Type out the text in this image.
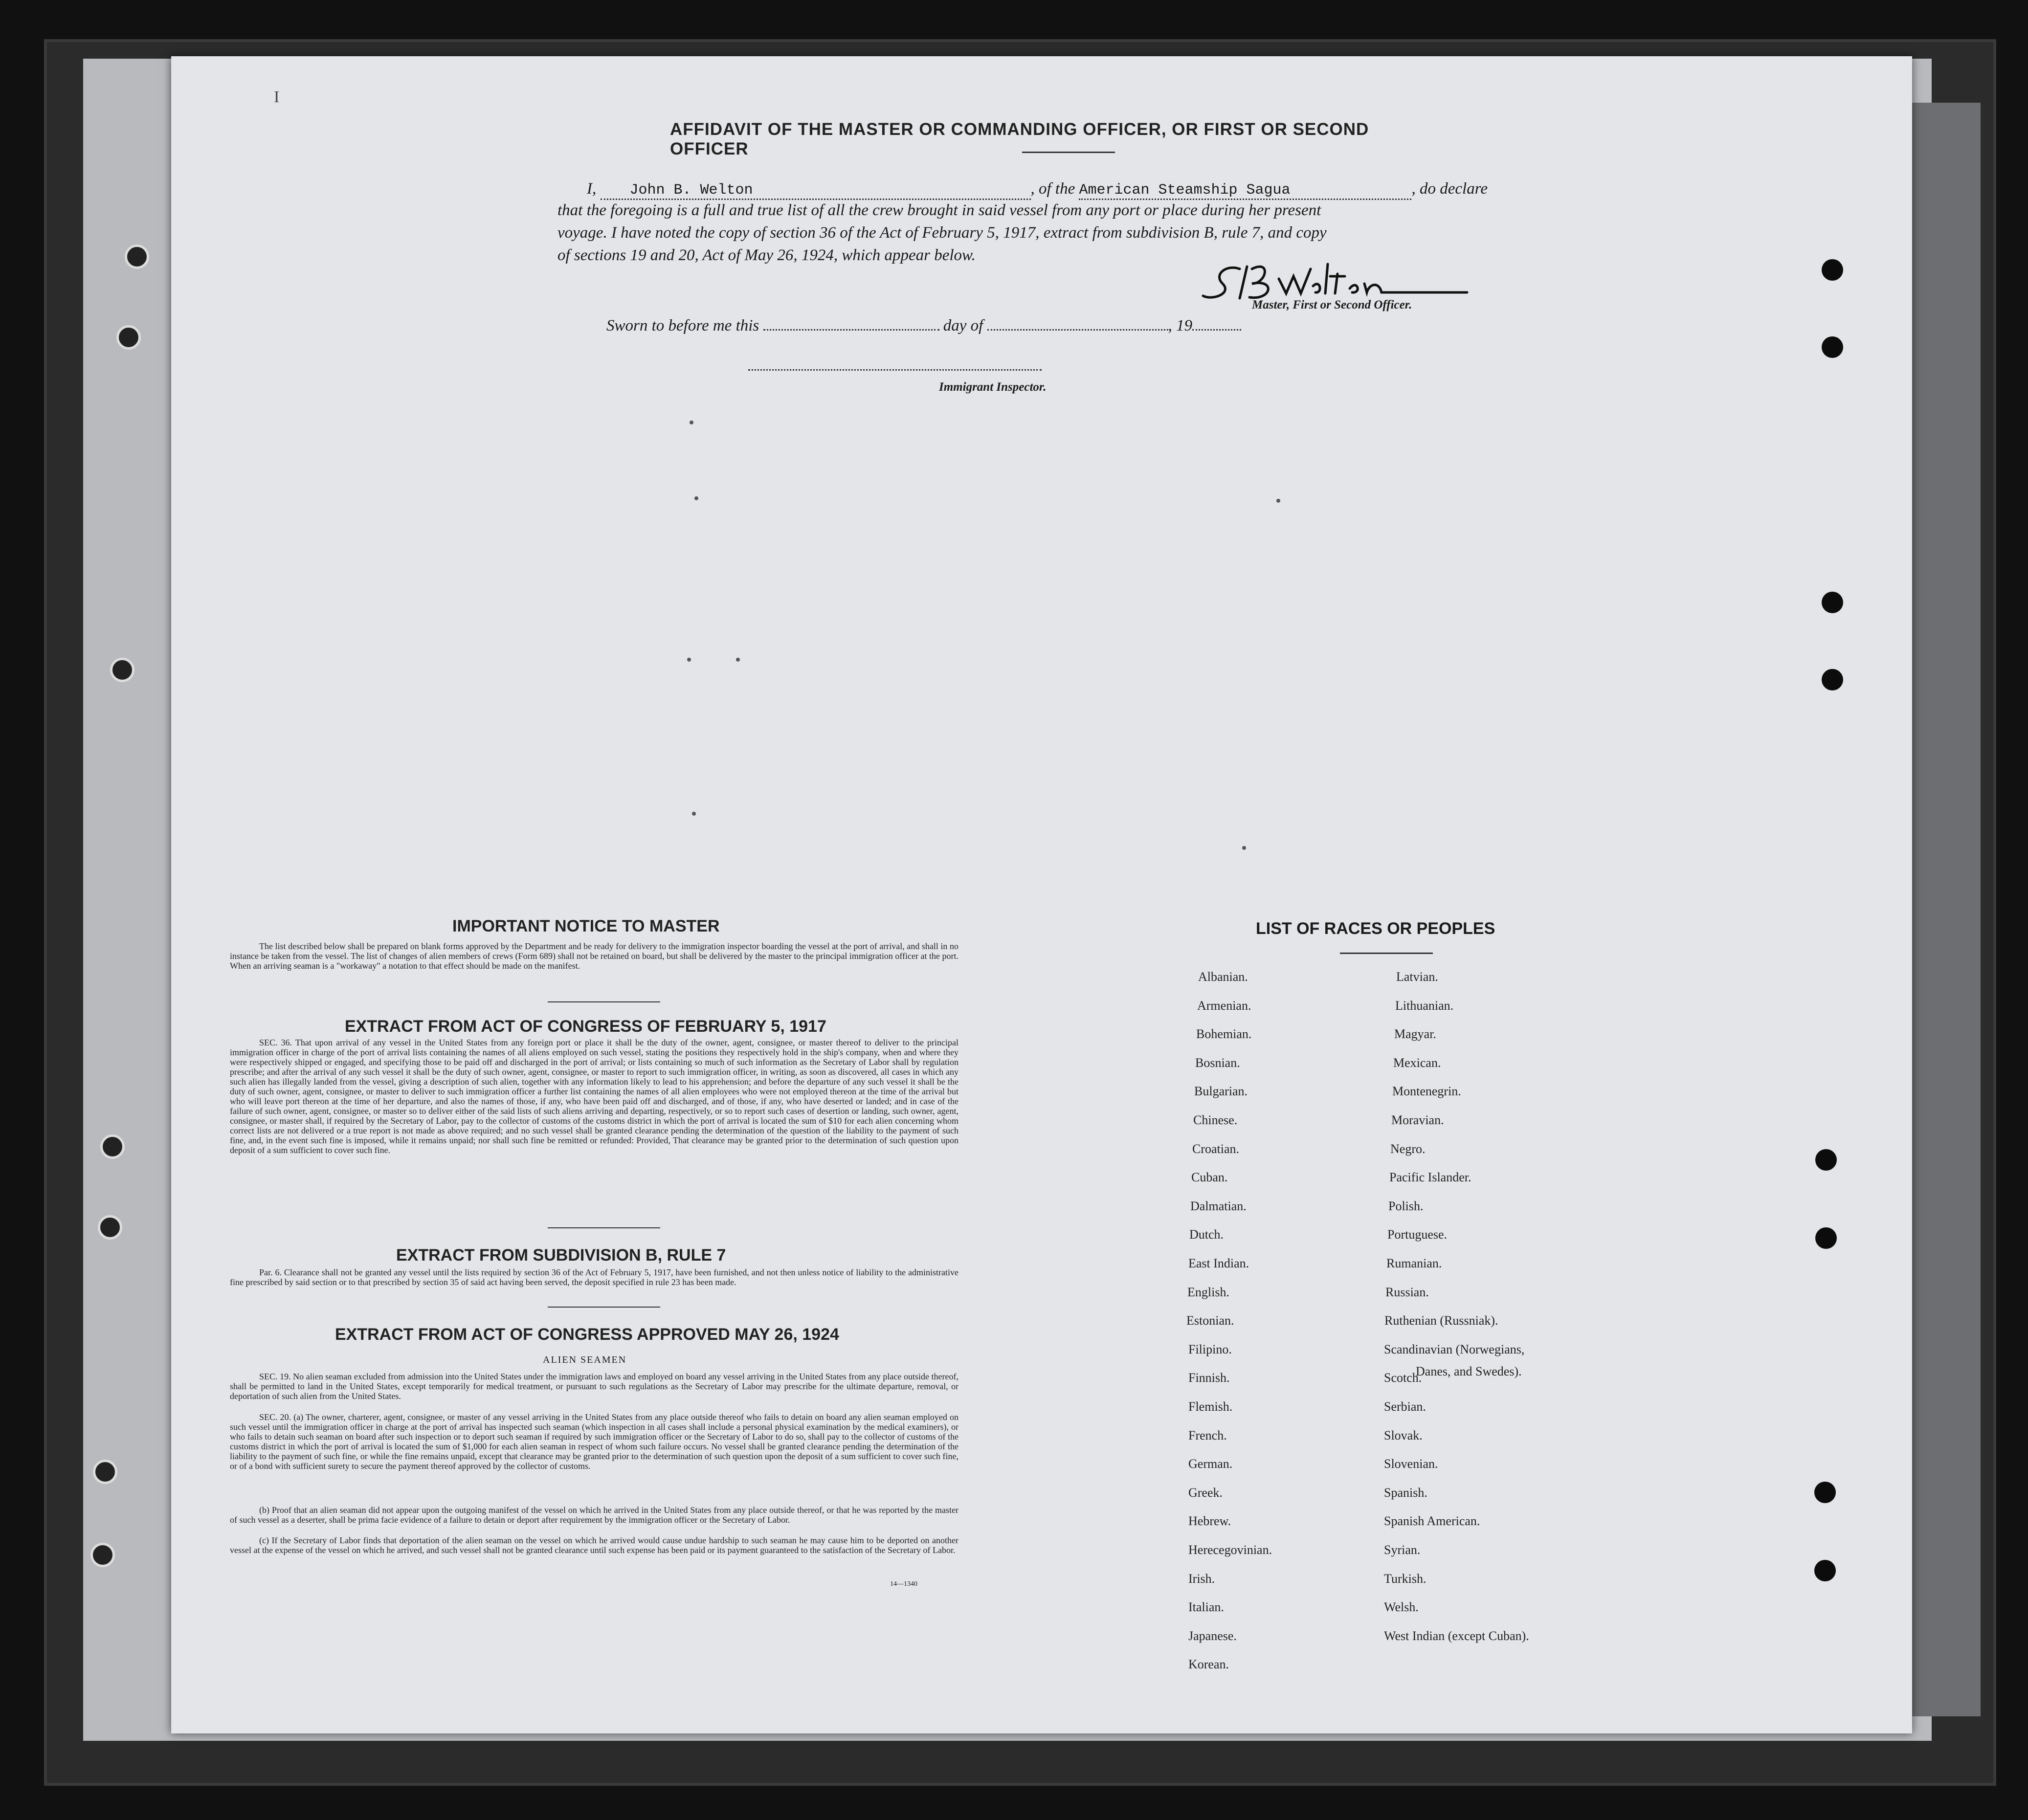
I
AFFIDAVIT OF THE MASTER OR COMMANDING OFFICER, OR FIRST OR SECOND OFFICER
I, John B. Welton	, of the American Steamship Sagua	, do declare
that the foregoing is a full and true list of all the crew brought in said vessel from any port or place during her present
voyage. I have noted the copy of section 36 of the Act of February 5, 1917, extract from subdivision B, rule 7, and copy
of sections 19 and 20, Act of May 26, 1924, which appear below.
Master, First or Second Officer.
Sworn to before me this	day of	, 19
Immigrant Inspector.
IMPORTANT NOTICE TO MASTER
The list described below shall be prepared on blank forms approved by the Department and be ready for delivery to the immigration inspector boarding the vessel at the port of arrival, and shall in no instance be taken from the vessel. The list of changes of alien members of crews (Form 689) shall not be retained on board, but shall be delivered by the master to the principal immigration officer at the port. When an arriving seaman is a "workaway" a notation to that effect should be made on the manifest.
EXTRACT FROM ACT OF CONGRESS OF FEBRUARY 5, 1917
SEC. 36. That upon arrival of any vessel in the United States from any foreign port or place it shall be the duty of the owner, agent, consignee, or master thereof to deliver to the principal immigration officer in charge of the port of arrival lists containing the names of all aliens employed on such vessel, stating the positions they respectively hold in the ship's company, when and where they were respectively shipped or engaged, and specifying those to be paid off and discharged in the port of arrival; or lists containing so much of such information as the Secretary of Labor shall by regulation prescribe; and after the arrival of any such vessel it shall be the duty of such owner, agent, consignee, or master to report to such immigration officer, in writing, as soon as discovered, all cases in which any such alien has illegally landed from the vessel, giving a description of such alien, together with any information likely to lead to his apprehension; and before the departure of any such vessel it shall be the duty of such owner, agent, consignee, or master to deliver to such immigration officer a further list containing the names of all alien employees who were not employed thereon at the time of the arrival but who will leave port thereon at the time of her departure, and also the names of those, if any, who have been paid off and discharged, and of those, if any, who have deserted or landed; and in case of the failure of such owner, agent, consignee, or master so to deliver either of the said lists of such aliens arriving and departing, respectively, or so to report such cases of desertion or landing, such owner, agent, consignee, or master shall, if required by the Secretary of Labor, pay to the collector of customs of the customs district in which the port of arrival is located the sum of $10 for each alien concerning whom correct lists are not delivered or a true report is not made as above required; and no such vessel shall be granted clearance pending the determination of the question of the liability to the payment of such fine, and, in the event such fine is imposed, while it remains unpaid; nor shall such fine be remitted or refunded: Provided, That clearance may be granted prior to the determination of such question upon deposit of a sum sufficient to cover such fine.
EXTRACT FROM SUBDIVISION B, RULE 7
Par. 6. Clearance shall not be granted any vessel until the lists required by section 36 of the Act of February 5, 1917, have been furnished, and not then unless notice of liability to the administrative fine prescribed by said section or to that prescribed by section 35 of said act having been served, the deposit specified in rule 23 has been made.
EXTRACT FROM ACT OF CONGRESS APPROVED MAY 26, 1924
ALIEN SEAMEN
SEC. 19. No alien seaman excluded from admission into the United States under the immigration laws and employed on board any vessel arriving in the United States from any place outside thereof, shall be permitted to land in the United States, except temporarily for medical treatment, or pursuant to such regulations as the Secretary of Labor may prescribe for the ultimate departure, removal, or deportation of such alien from the United States.
SEC. 20. (a) The owner, charterer, agent, consignee, or master of any vessel arriving in the United States from any place outside thereof who fails to detain on board any alien seaman employed on such vessel until the immigration officer in charge at the port of arrival has inspected such seaman (which inspection in all cases shall include a personal physical examination by the medical examiners), or who fails to detain such seaman on board after such inspection or to deport such seaman if required by such immigration officer or the Secretary of Labor to do so, shall pay to the collector of customs of the customs district in which the port of arrival is located the sum of $1,000 for each alien seaman in respect of whom such failure occurs. No vessel shall be granted clearance pending the determination of the liability to the payment of such fine, or while the fine remains unpaid, except that clearance may be granted prior to the determination of such question upon the deposit of a sum sufficient to cover such fine, or of a bond with sufficient surety to secure the payment thereof approved by the collector of customs.
(b) Proof that an alien seaman did not appear upon the outgoing manifest of the vessel on which he arrived in the United States from any place outside thereof, or that he was reported by the master of such vessel as a deserter, shall be prima facie evidence of a failure to detain or deport after requirement by the immigration officer or the Secretary of Labor.
(c) If the Secretary of Labor finds that deportation of the alien seaman on the vessel on which he arrived would cause undue hardship to such seaman he may cause him to be deported on another vessel at the expense of the vessel on which he arrived, and such vessel shall not be granted clearance until such expense has been paid or its payment guaranteed to the satisfaction of the Secretary of Labor.
14—1340
LIST OF RACES OR PEOPLES
Albanian.
Armenian.
Bohemian.
Bosnian.
Bulgarian.
Chinese.
Croatian.
Cuban.
Dalmatian.
Dutch.
East Indian.
English.
Estonian.
Filipino.
Finnish.
Flemish.
French.
German.
Greek.
Hebrew.
Herecegovinian.
Irish.
Italian.
Japanese.
Korean.
Latvian.
Lithuanian.
Magyar.
Mexican.
Montenegrin.
Moravian.
Negro.
Pacific Islander.
Polish.
Portuguese.
Rumanian.
Russian.
Ruthenian (Russniak).
Scandinavian (Norwegians,
Scotch.
Serbian.
Slovak.
Slovenian.
Spanish.
Spanish American.
Syrian.
Turkish.
Welsh.
West Indian (except Cuban).
Danes, and Swedes).
